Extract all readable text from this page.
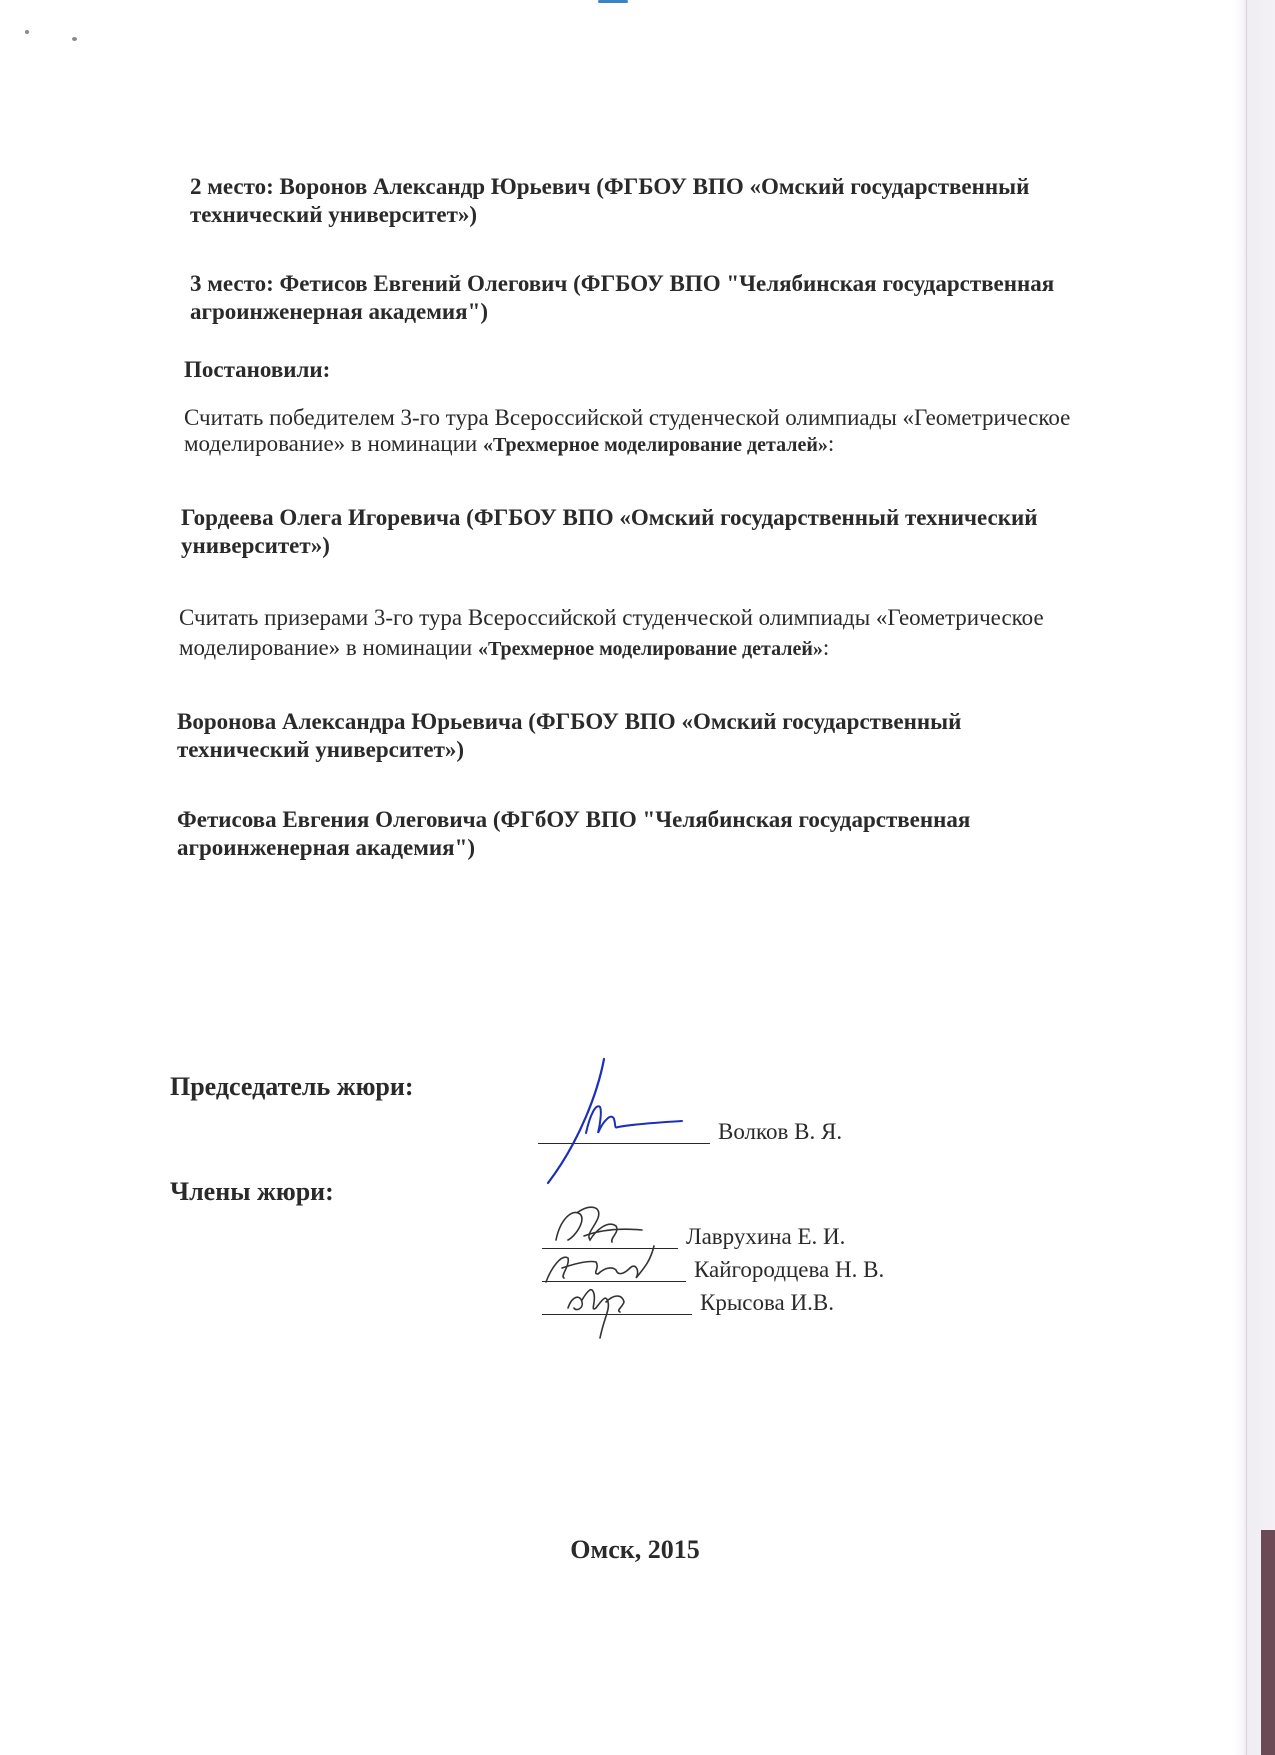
2 место: Воронов Александр Юрьевич (ФГБОУ ВПО «Омский государственный

технический университет»)

3 место: Фетисов Евгений Олегович (ФГБОУ ВПО "Челябинская государственная

агроинженерная академия")

Постановили:

Считать победителем 3-го тура Всероссийской студенческой олимпиады «Геометрическое

моделирование» в номинации «Трехмерное моделирование деталей»:

Гордеева Олега Игоревича (ФГБОУ ВПО «Омский государственный технический

университет»)

Считать призерами 3-го тура Всероссийской студенческой олимпиады «Геометрическое

моделирование» в номинации «Трехмерное моделирование деталей»:

Воронова Александра Юрьевича (ФГБОУ ВПО «Омский государственный

технический университет»)

Фетисова Евгения Олеговича (ФГбОУ ВПО "Челябинская государственная

агроинженерная академия")

Председатель жюри:

Волков В. Я.

Члены жюри:

Лаврухина Е. И.
Кайгородцева Н. В.
Крысова И.В.

Омск, 2015
